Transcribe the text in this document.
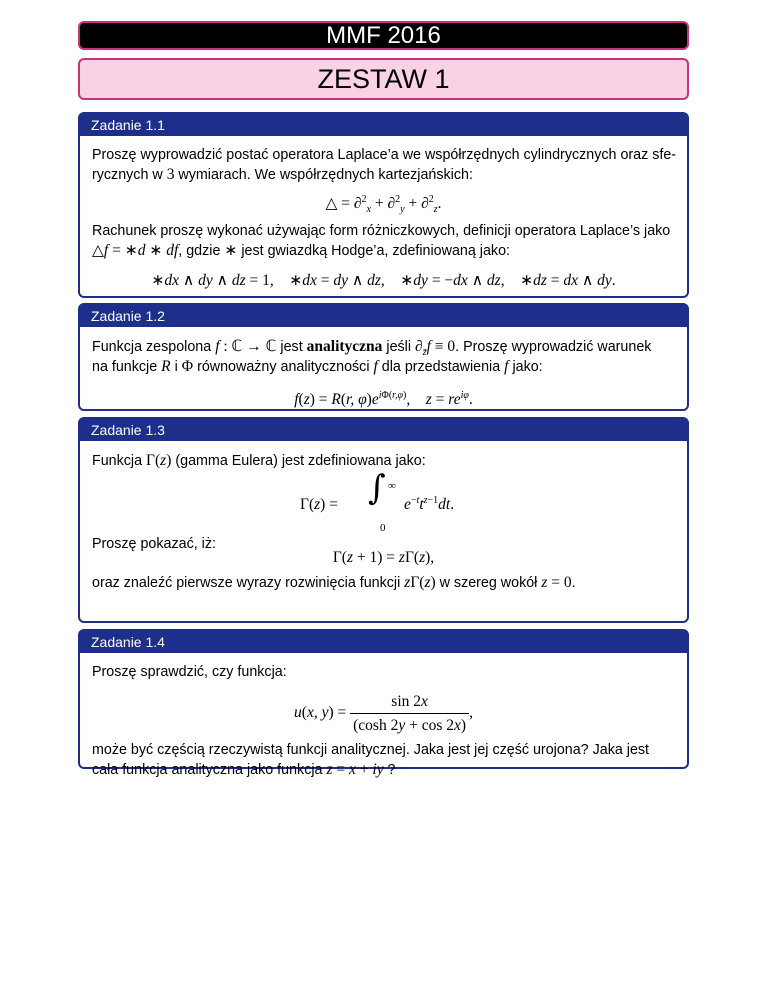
MMF 2016
ZESTAW 1
Zadanie 1.1

Proszę wyprowadzić postać operatora Laplace’a we współrzędnych cylindrycznych oraz sfe-

rycznych w 3 wymiarach. We współrzędnych kartezjańskich:

△ = ∂$^2_x$ + ∂$^2_y$ + ∂$^2_z$.

Rachunek proszę wykonać używając form różniczkowych, definicji operatora Laplace’s jako

△f = ∗d ∗ df, gdzie ∗ jest gwiazdką Hodge’a, zdefiniowaną jako:

∗dx ∧ dy ∧ dz = 1,    ∗dx = dy ∧ dz,    ∗dy = −dx ∧ dz,    ∗dz = dx ∧ dy.
Zadanie 1.2

Funkcja zespolona f : ℂ → ℂ jest analityczna jeśli $\partial_{z̄}f \equiv 0$. Proszę wyprowadzić warunek

na funkcje R i Φ równoważny analityczności f dla przedstawienia f jako:

f(z) = R(r, $\varphi)e^{i\Phi(r,\varphi)}$,    $z = re^{i\varphi}$.
Zadanie 1.3

Funkcja Γ(z) (gamma Eulera) jest zdefiniowana jako:

Γ(z) = ∫ ∞
0
$e^{-t}t^{z-1}dt$.

Proszę pokazać, iż:

Γ(z + 1) = zΓ(z),

oraz znaleźć pierwsze wyrazy rozwinięcia funkcji zΓ(z) w szereg wokół z = 0.

Zadanie 1.4

Proszę sprawdzić, czy funkcja:

u(x, $y) = \frac{\sin 2x}{(\cosh 2y + \cos 2x)}$ ,

może być częścią rzeczywistą funkcji analitycznej. Jaka jest jej część urojona? Jaka jest

cała funkcja analityczna jako funkcja z = x + iy ?
